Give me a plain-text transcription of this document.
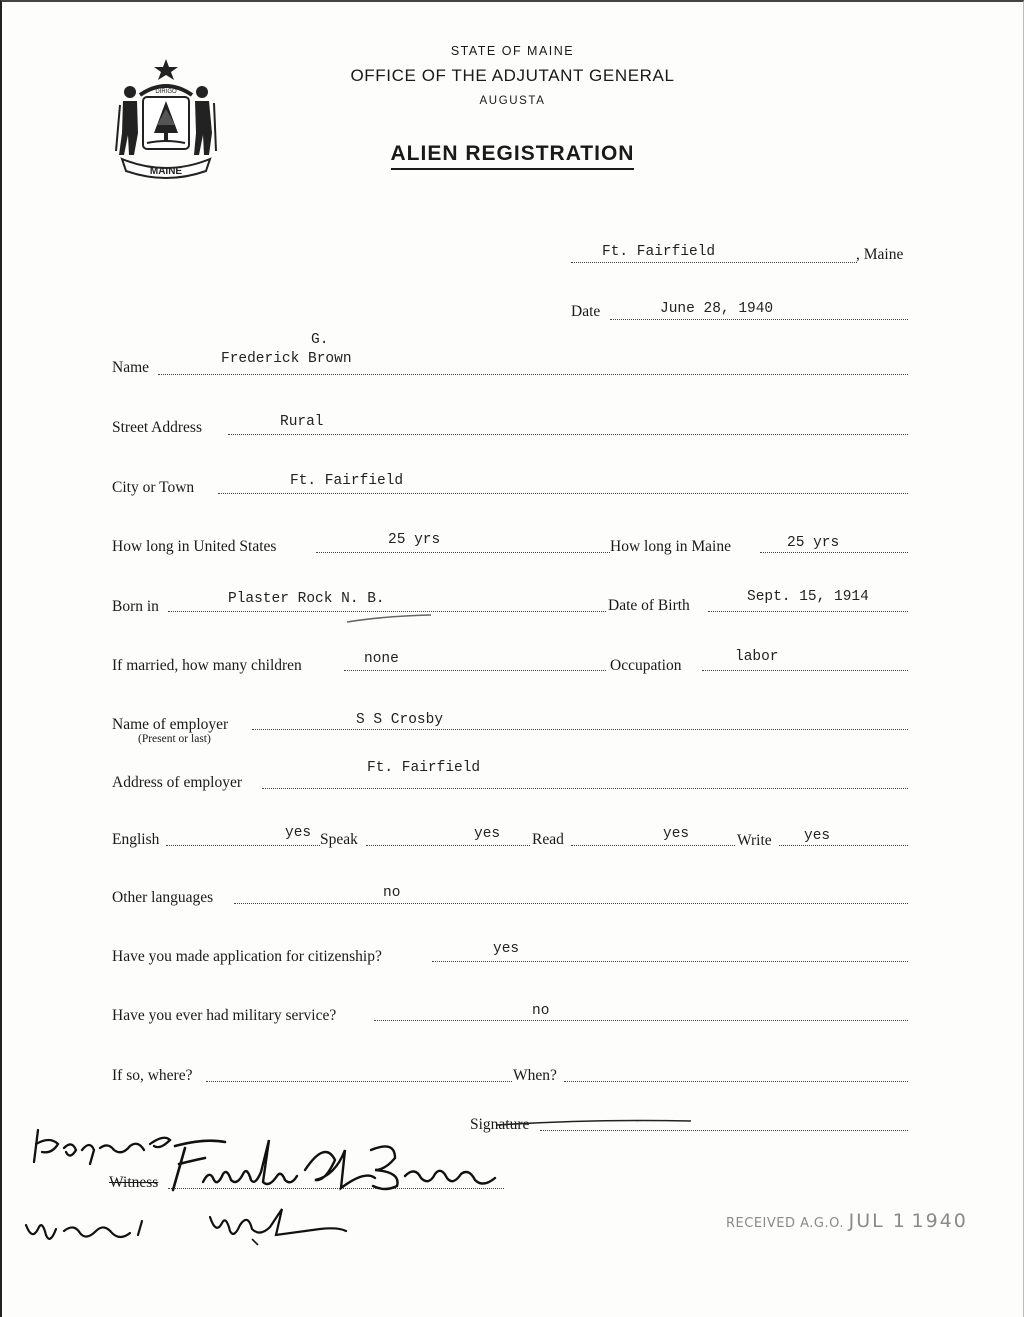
MAINE
DIRIGO
STATE OF MAINE
OFFICE OF THE ADJUTANT GENERAL
AUGUSTA
ALIEN REGISTRATION
Ft. Fairfield	, Maine
Date	June 28, 1940
G.
Name	Frederick Brown
Street Address	Rural
City or Town	Ft. Fairfield
How long in United States	25 yrs	How long in Maine	25 yrs
Born in	Plaster Rock N. B.	Date of Birth	Sept. 15, 1914
If married, how many children	none	Occupation	labor
Name of employer
(Present or last)
S S Crosby
Address of employer
Ft. Fairfield
English	yes Speak	yes Read	yes	Write yes
Other languages	no
Have you made application for citizenship?	yes
Have you ever had military service?	no
If so, where?	When?
Signature
Witness
RECEIVED A.G.O. JUL 1 1940
